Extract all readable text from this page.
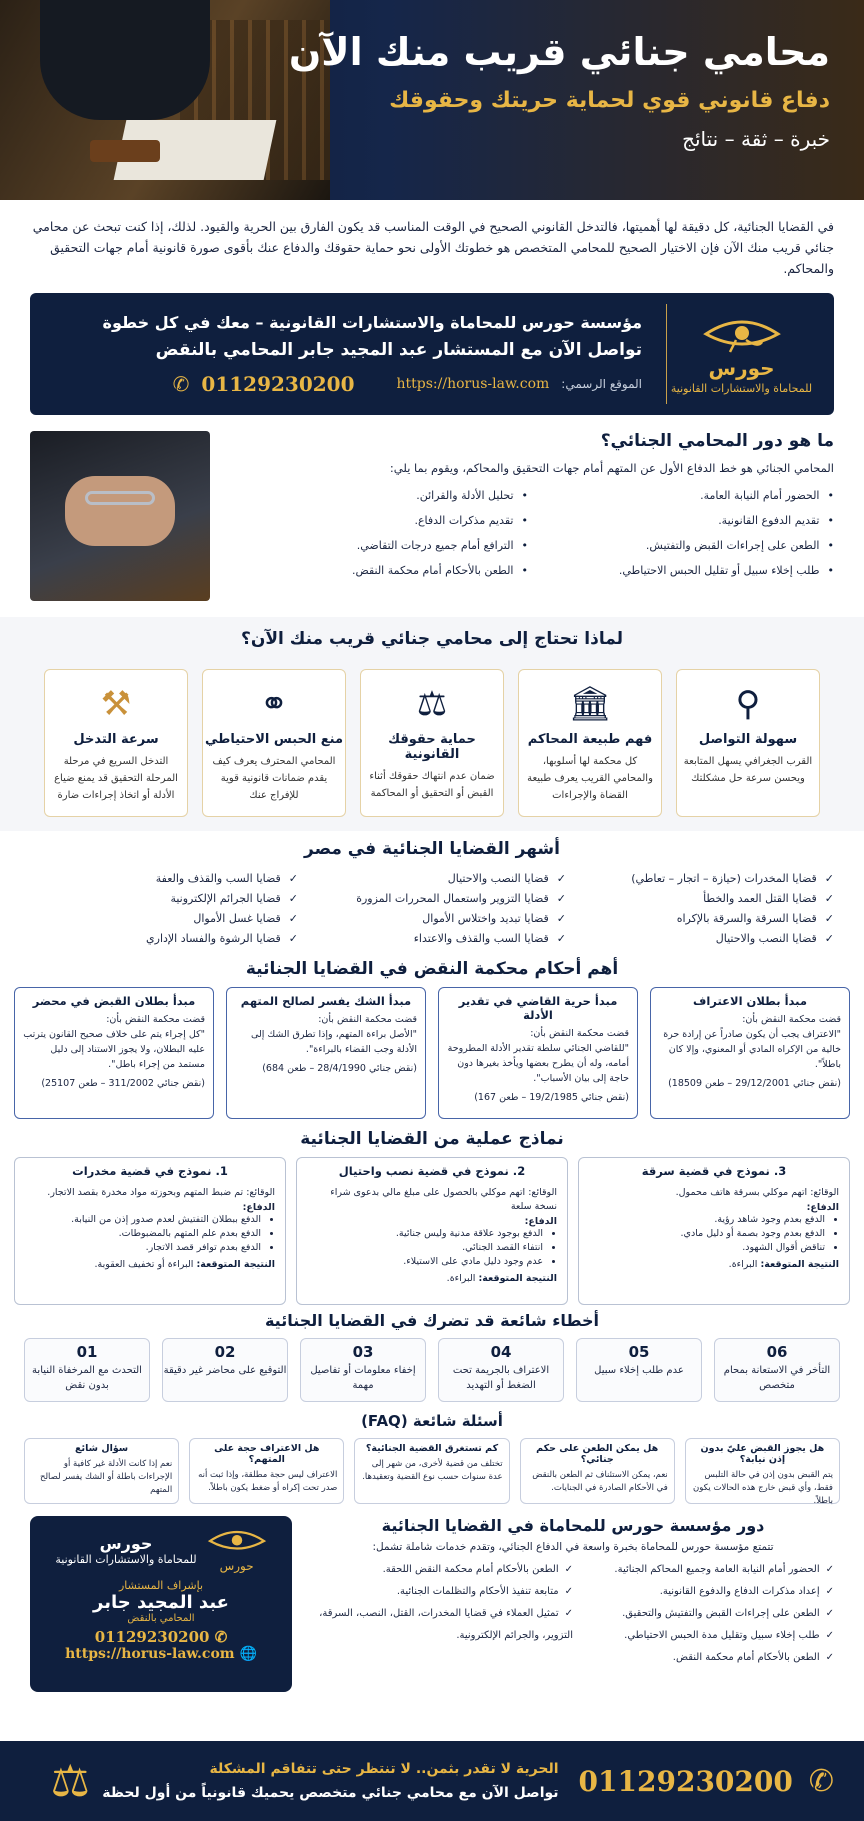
محامي جنائي قريب منك الآن
دفاع قانوني قوي لحماية حريتك وحقوقك
خبرة – ثقة – نتائج

في القضايا الجنائية، كل دقيقة لها أهميتها، فالتدخل القانوني الصحيح في الوقت المناسب قد يكون الفارق بين الحرية والقيود. لذلك، إذا كنت تبحث عن محامي جنائي قريب منك الآن فإن الاختيار الصحيح للمحامي المتخصص هو خطوتك الأولى نحو حماية حقوقك والدفاع عنك بأقوى صورة قانونية أمام جهات التحقيق والمحاكم.

حورس
للمحاماة والاستشارات القانونية
مؤسسة حورس للمحاماة والاستشارات القانونية – معك في كل خطوة
تواصل الآن مع المستشار عبد المجيد جابر المحامي بالنقض
الموقع الرسمي:
https://horus-law.com
01129230200
✆
ما هو دور المحامي الجنائي؟
المحامي الجنائي هو خط الدفاع الأول عن المتهم أمام جهات التحقيق والمحاكم، ويقوم بما يلي:
• الحضور أمام النيابة العامة.
• تقديم الدفوع القانونية.
• الطعن على إجراءات القبض والتفتيش.
• طلب إخلاء سبيل أو تقليل الحبس الاحتياطي.
• تحليل الأدلة والقرائن.
• تقديم مذكرات الدفاع.
• الترافع أمام جميع درجات التقاضي.
• الطعن بالأحكام أمام محكمة النقض.
لماذا تحتاج إلى محامي جنائي قريب منك الآن؟
⚲
سهولة التواصل
القرب الجغرافي يسهل المتابعة ويحسن سرعة حل مشكلتك
🏛
فهم طبيعة المحاكم
كل محكمة لها أسلوبها، والمحامي القريب يعرف طبيعة القضاة والإجراءات
⚖
حماية حقوقك القانونية
ضمان عدم انتهاك حقوقك أثناء القبض أو التحقيق أو المحاكمة
⚭
منع الحبس الاحتياطي
المحامي المحترف يعرف كيف يقدم ضمانات قانونية قوية للإفراج عنك
⚒
سرعة التدخل
التدخل السريع في مرحلة المرحلة التحقيق قد يمنع ضياع الأدلة أو اتخاذ إجراءات ضارة
أشهر القضايا الجنائية في مصر
✓ قضايا المخدرات (حيازة – اتجار – تعاطي)
✓ قضايا القتل العمد والخطأ
✓ قضايا السرقة والسرقة بالإكراه
✓ قضايا النصب والاحتيال
✓ قضايا النصب والاحتيال
✓ قضايا التزوير واستعمال المحررات المزورة
✓ قضايا تبديد واختلاس الأموال
✓ قضايا السب والقذف والاعتداء
✓ قضايا السب والقذف والعفة
✓ قضايا الجرائم الإلكترونية
✓ قضايا غسل الأموال
✓ قضايا الرشوة والفساد الإداري
أهم أحكام محكمة النقض في القضايا الجنائية
مبدأ بطلان الاعتراف
قضت محكمة النقض بأن:
"الاعتراف يجب أن يكون صادراً عن إرادة حرة خالية من الإكراه المادي أو المعنوي، وإلا كان باطلاً".
(نقض جنائي 29/12/2001 – طعن 18509)
مبدأ حرية القاضي في تقدير الأدلة
قضت محكمة النقض بأن:
"للقاضي الجنائي سلطة تقدير الأدلة المطروحة أمامه، وله أن يطرح بعضها ويأخذ بغيرها دون حاجة إلى بيان الأسباب".
(نقض جنائي 19/2/1985 – طعن 167)
مبدأ الشك يفسر لصالح المتهم
قضت محكمة النقض بأن:
"الأصل براءة المتهم، وإذا تطرق الشك إلى الأدلة وجب القضاء بالبراءة".
(نقض جنائي 28/4/1990 – طعن 684)
مبدأ بطلان القبض في محضر
قضت محكمة النقض بأن:
"كل إجراء يتم على خلاف صحيح القانون يترتب عليه البطلان، ولا يجوز الاستناد إلى دليل مستمد من إجراء باطل".
(نقض جنائي 311/2002 – طعن 25107)
نماذج عملية من القضايا الجنائية
3. نموذج في قضية سرقة
الوقائع: اتهم موكلي بسرقة هاتف محمول.
الدفاع:
• الدفع بعدم وجود شاهد رؤية.
• الدفع بعدم وجود بصمة أو دليل مادي.
• تناقض أقوال الشهود.
النتيجة المتوقعة: البراءة.
2. نموذج في قضية نصب واحتيال
الوقائع: اتهم موكلي بالحصول على مبلغ مالي بدعوى شراء نسخة سلعة
الدفاع:
• الدفع بوجود علاقة مدنية وليس جنائية.
• انتفاء القصد الجنائي.
• عدم وجود دليل مادي على الاستيلاء.
النتيجة المتوقعة: البراءة.
1. نموذج في قضية مخدرات
الوقائع: تم ضبط المتهم وبحوزته مواد مخدرة بقصد الاتجار.
الدفاع:
• الدفع ببطلان التفتيش لعدم صدور إذن من النيابة.
• الدفع بعدم علم المتهم بالمضبوطات.
• الدفع بعدم توافر قصد الاتجار.
النتيجة المتوقعة: البراءة أو تخفيف العقوبة.
أخطاء شائعة قد تضرك في القضايا الجنائية
06
التأخر في الاستعانة بمحام متخصص
05
عدم طلب إخلاء سبيل
04
الاعتراف بالجريمة تحت الضغط أو التهديد
03
إخفاء معلومات أو تفاصيل مهمة
02
التوقيع على محاضر غير دقيقة
01
التحدث مع المرخفاة النيابة بدون نقض
أسئلة شائعة (FAQ)
هل يجوز القبض عليّ بدون إذن نيابة؟
يتم القبض بدون إذن في حالة التلبس فقط، وأي قبض خارج هذه الحالات يكون باطلاً.
هل يمكن الطعن على حكم جنائي؟
نعم، يمكن الاستئناف ثم الطعن بالنقض في الأحكام الصادرة في الجنايات.
كم تستغرق القضية الجنائية؟
تختلف من قضية لأخرى، من شهر إلى عدة سنوات حسب نوع القضية وتعقيدها.
هل الاعتراف حجة على المتهم؟
الاعتراف ليس حجة مطلقة، وإذا ثبت أنه صدر تحت إكراه أو ضغط يكون باطلاً.
سؤال شائع
نعم إذا كانت الأدلة غير كافية أو الإجراءات باطلة أو الشك يفسر لصالح المتهم
دور مؤسسة حورس للمحاماة في القضايا الجنائية
تتمتع مؤسسة حورس للمحاماة بخبرة واسعة في الدفاع الجنائي، وتقدم خدمات شاملة تشمل:
✓ الحضور أمام النيابة العامة وجميع المحاكم الجنائية.
✓ إعداد مذكرات الدفاع والدفوع القانونية.
✓ الطعن على إجراءات القبض والتفتيش والتحقيق.
✓ طلب إخلاء سبيل وتقليل مدة الحبس الاحتياطي.
✓ الطعن بالأحكام أمام محكمة النقض.
✓ الطعن بالأحكام أمام محكمة النقض اللحقة.
✓ متابعة تنفيذ الأحكام والتظلمات الجنائية.
✓ تمثيل العملاء في قضايا المخدرات، القتل، النصب، السرقة، التزوير، والجرائم الإلكترونية.
حورس
حورس
للمحاماة والاستشارات القانونية
بإشراف المستشار
عبد المجيد جابر
المحامي بالنقض
✆ 01129230200
🌐 https://horus-law.com
✆
01129230200
الحرية لا تقدر بثمن.. لا تنتظر حتى تتفاقم المشكلة
تواصل الآن مع محامي جنائي متخصص يحميك قانونياً من أول لحظة
⚖
